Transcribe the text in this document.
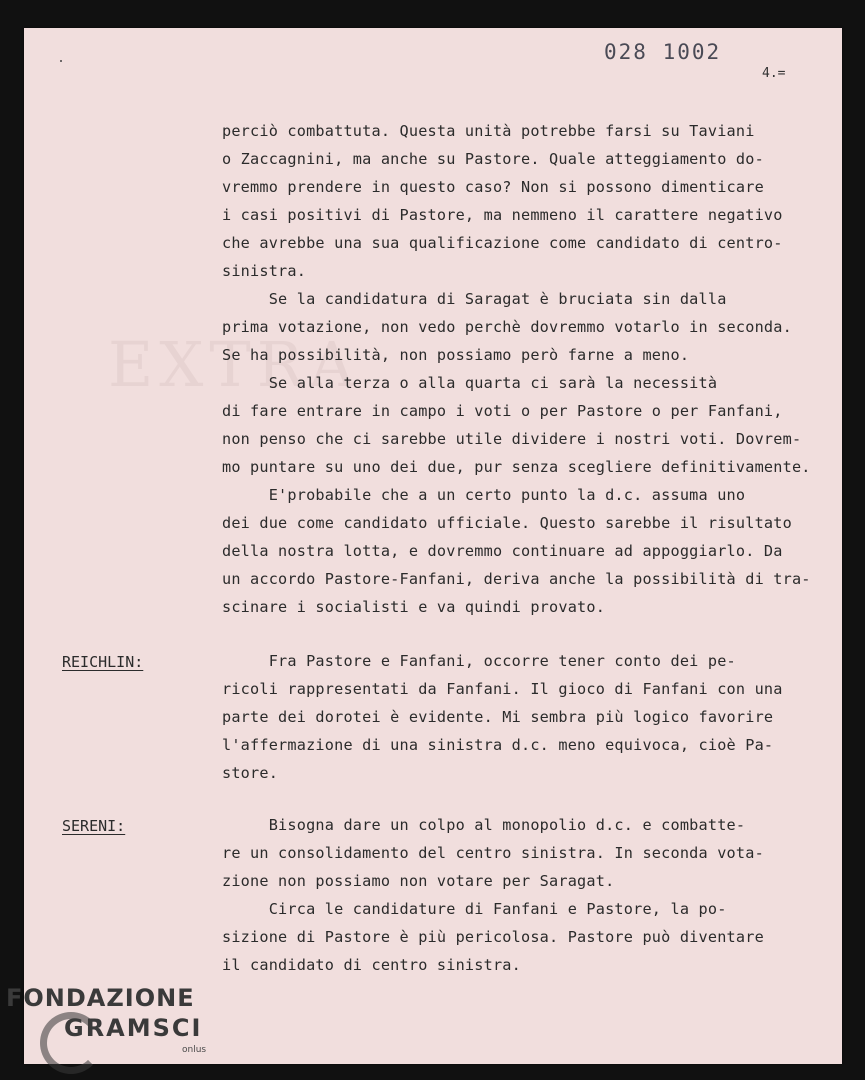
EXTRA
028 1002
4.=
perciò combattuta. Questa unità potrebbe farsi su Taviani
o Zaccagnini, ma anche su Pastore. Quale atteggiamento do-
vremmo prendere in questo caso? Non si possono dimenticare
i casi positivi di Pastore, ma nemmeno il carattere negativo
che avrebbe una sua qualificazione come candidato di centro-
sinistra.
Se la candidatura di Saragat è bruciata sin dalla
prima votazione, non vedo perchè dovremmo votarlo in seconda.
Se ha possibilità, non possiamo però farne a meno.
Se alla terza o alla quarta ci sarà la necessità
di fare entrare in campo i voti o per Pastore o per Fanfani,
non penso che ci sarebbe utile dividere i nostri voti. Dovrem-
mo puntare su uno dei due, pur senza scegliere definitivamente.
E'probabile che a un certo punto la d.c. assuma uno
dei due come candidato ufficiale. Questo sarebbe il risultato
della nostra lotta, e dovremmo continuare ad appoggiarlo. Da
un accordo Pastore-Fanfani, deriva anche la possibilità di tra-
scinare i socialisti e va quindi provato.
REICHLIN:	Fra Pastore e Fanfani, occorre tener conto dei pe-
ricoli rappresentati da Fanfani. Il gioco di Fanfani con una
parte dei dorotei è evidente. Mi sembra più logico favorire
l'affermazione di una sinistra d.c. meno equivoca, cioè Pa-
store.
SERENI:	Bisogna dare un colpo al monopolio d.c. e combatte-
re un consolidamento del centro sinistra. In seconda vota-
zione non possiamo non votare per Saragat.
Circa le candidature di Fanfani e Pastore, la po-
sizione di Pastore è più pericolosa. Pastore può diventare
il candidato di centro sinistra.
FONDAZIONE
GRAMSCI
onlus
